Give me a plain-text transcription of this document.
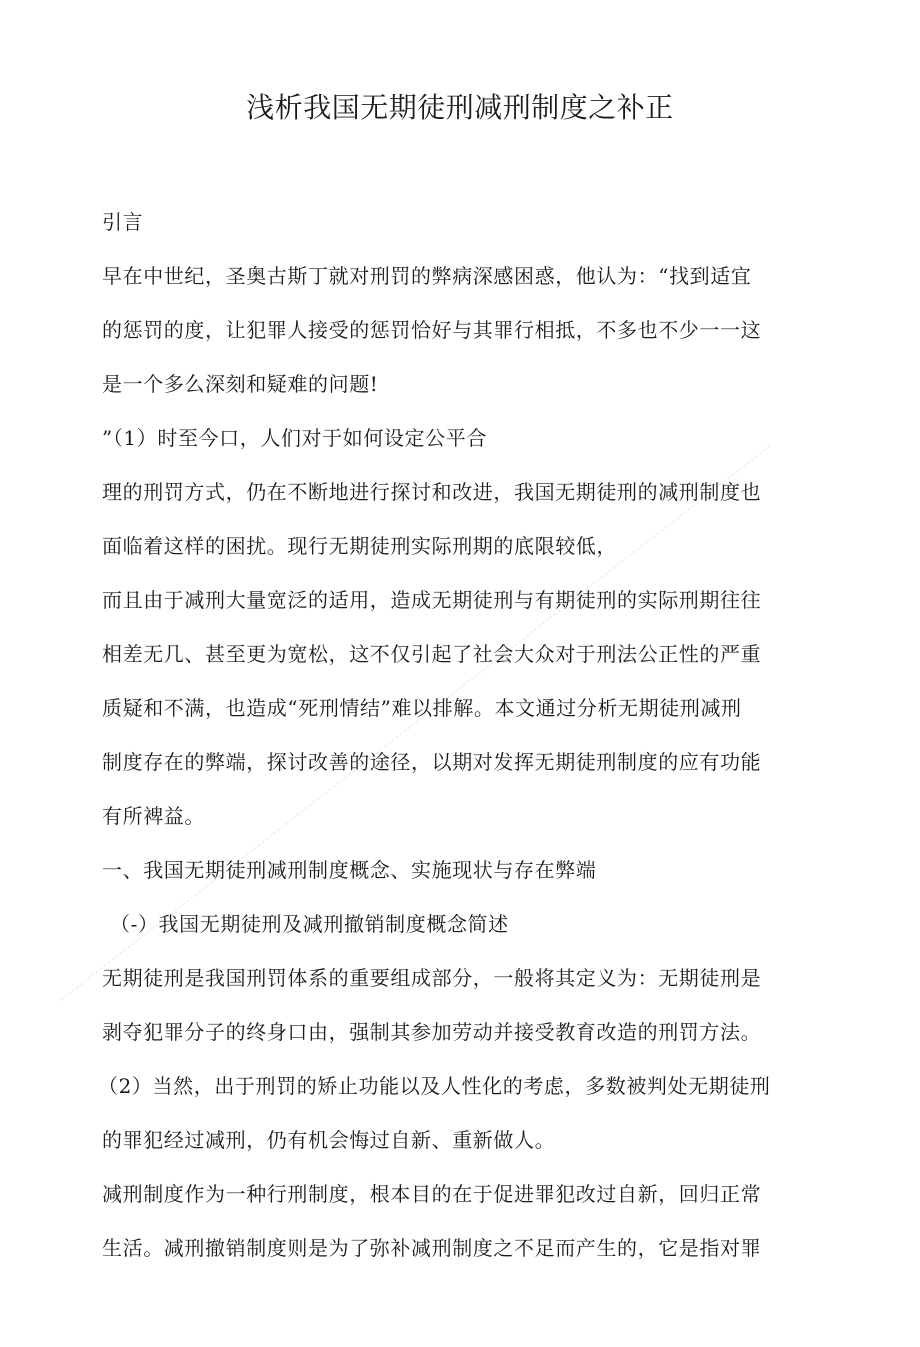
浅析我国无期徒刑减刑制度之补正
引言
早在中世纪，圣奥古斯丁就对刑罚的弊病深感困惑，他认为：“找到适宜
的惩罚的度，让犯罪人接受的惩罚恰好与其罪行相抵，不多也不少一一这
是一个多么深刻和疑难的问题!
”（1）时至今口，人们对于如何设定公平合
理的刑罚方式，仍在不断地进行探讨和改进，我国无期徒刑的减刑制度也
面临着这样的困扰。现行无期徒刑实际刑期的底限较低，
而且由于减刑大量宽泛的适用，造成无期徒刑与有期徒刑的实际刑期往往
相差无几、甚至更为宽松，这不仅引起了社会大众对于刑法公正性的严重
质疑和不满，也造成“死刑情结”难以排解。本文通过分析无期徒刑减刑
制度存在的弊端，探讨改善的途径，以期对发挥无期徒刑制度的应有功能
有所裨益。
一、我国无期徒刑减刑制度概念、实施现状与存在弊端
（-）我国无期徒刑及减刑撤销制度概念简述
无期徒刑是我国刑罚体系的重要组成部分，一般将其定义为：无期徒刑是
剥夺犯罪分子的终身口由，强制其参加劳动并接受教育改造的刑罚方法。
（2）当然，出于刑罚的矫止功能以及人性化的考虑，多数被判处无期徒刑
的罪犯经过减刑，仍有机会悔过自新、重新做人。
减刑制度作为一种行刑制度，根本目的在于促进罪犯改过自新，回归正常
生活。减刑撤销制度则是为了弥补减刑制度之不足而产生的，它是指对罪
